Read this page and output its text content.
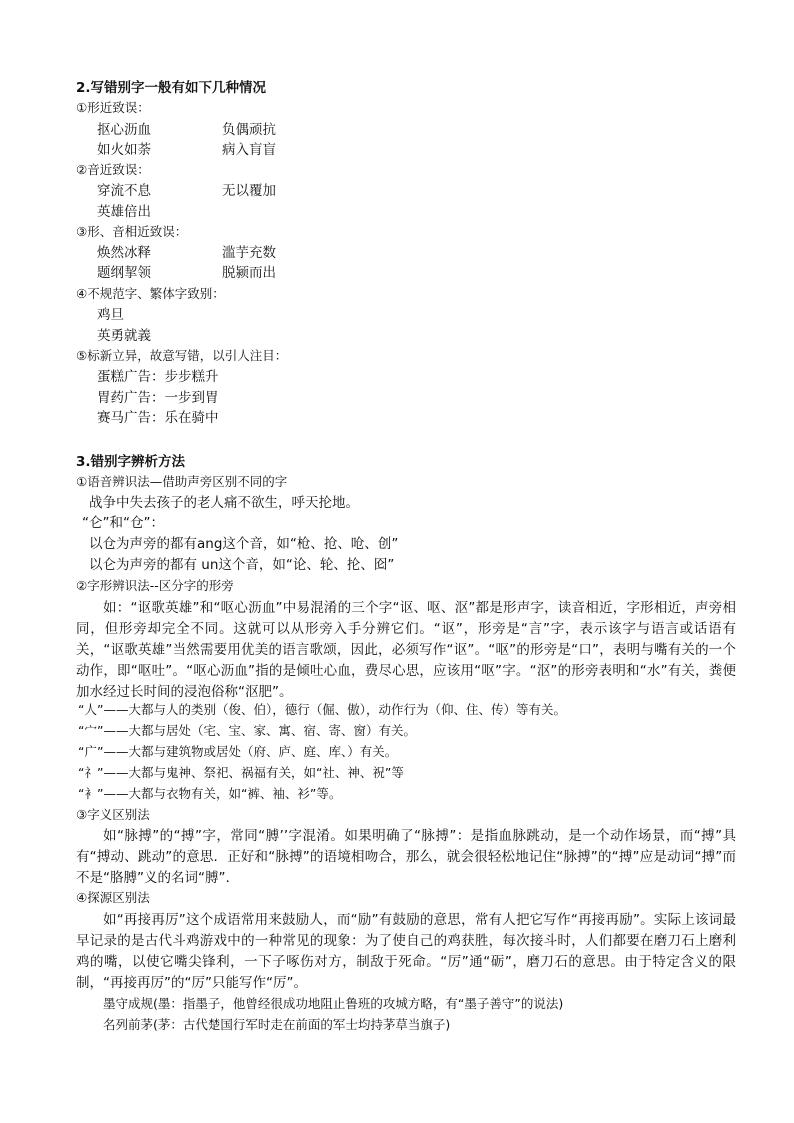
2.写错别字一般有如下几种情况
①形近致误：
抠心沥血	负偶顽抗
如火如荼	病入肓盲
②音近致误：
穿流不息	无以覆加
英雄倍出
③形、音相近致误：
焕然冰释	滥芋充数
题纲挈领	脱颍而出
④不规范字、繁体字致别：
鸡旦
英勇就義
⑤标新立异，故意写错，以引人注目：
蛋糕广告：步步糕升
胃药广告：一步到胃
赛马广告：乐在骑中
3.错别字辨析方法
①语音辨识法—借助声旁区别不同的字
战争中失去孩子的老人痛不欲生，呼天抡地。
“仑”和“仓”：
以仓为声旁的都有ang这个音，如“枪、抢、呛、创”
以仑为声旁的都有 un这个音，如“论、轮、抡、囵”
②字形辨识法--区分字的形旁
如：“讴歌英雄”和“呕心沥血”中易混淆的三个字“讴、呕、沤”都是形声字，读音相近，字形相近，声旁相同，但形旁却完全不同。这就可以从形旁入手分辨它们。“讴”，形旁是“言”字，表示该字与语言或话语有关，“讴歌英雄”当然需要用优美的语言歌颂，因此，必须写作“讴”。“呕”的形旁是“口”，表明与嘴有关的一个动作，即“呕吐”。“呕心沥血”指的是倾吐心血，费尽心思，应该用“呕”字。“沤”的形旁表明和“水”有关，粪便加水经过长时间的浸泡俗称“沤肥”。
“人”——大都与人的类别（俊、伯），德行（倔、傲），动作行为（仰、住、传）等有关。
“宀”——大都与居处（宅、宝、家、寓、宿、寄、窗）有关。
“广”——大都与建筑物或居处（府、庐、庭、库、）有关。
“礻”——大都与鬼神、祭祀、祸福有关，如“社、神、祝”等
“衤”——大都与衣物有关，如“裤、袖、衫”等。
③字义区别法
如“脉搏”的“搏”字，常同“膊’’字混淆。如果明确了“脉搏”：是指血脉跳动，是一个动作场景，而“搏”具有“搏动、跳动”的意思．正好和“脉搏”的语境相吻合，那么，就会很轻松地记住“脉搏”的“搏”应是动词“搏”而不是“胳膊”义的名词“膊”.
④探源区别法
如“再接再厉”这个成语常用来鼓励人，而“励”有鼓励的意思，常有人把它写作“再接再励”。实际上该词最早记录的是古代斗鸡游戏中的一种常见的现象：为了使自己的鸡获胜，每次接斗时，人们都要在磨刀石上磨利鸡的嘴，以使它嘴尖锋利，一下子啄伤对方，制敌于死命。“厉”通“砺”，磨刀石的意思。由于特定含义的限制，“再接再厉”的“厉”只能写作“厉”。
墨守成规(墨：指墨子，他曾经很成功地阻止鲁班的攻城方略，有“墨子善守”的说法)
名列前茅(茅：古代楚国行军时走在前面的军士均持茅草当旗子)
